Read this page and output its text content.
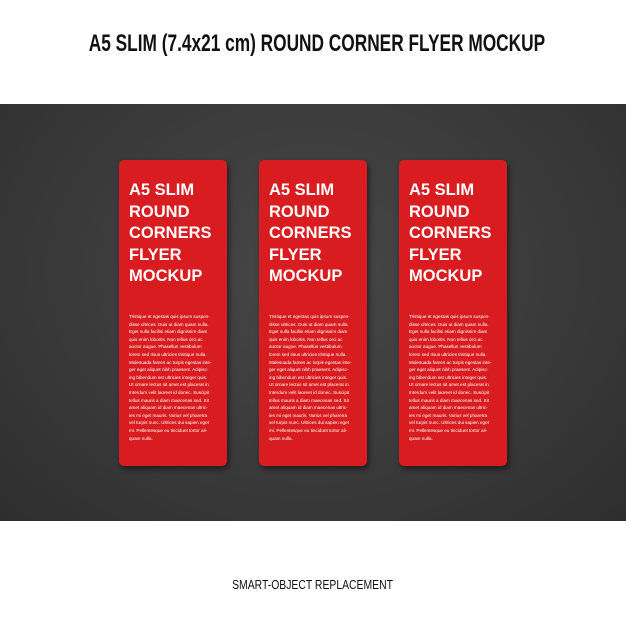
A5 SLIM (7.4x21 cm) ROUND CORNER FLYER MOCKUP
A5 SLIM
ROUND
CORNERS
FLYER
MOCKUP
Tristique et egestas quis ipsum suspen-
disse ultrices. Duis ut diam quam nulla.
Eget nulla facilisi etiam dignissim diam
quis enim lobortis. Non tellus orci ac
auctor augue. Phasellus vestibulum
lorem sed risus ultricies tristique nulla.
Malesuada fames ac turpis egestas inte-
ger eget aliquet nibh praesent. Adipisc-
ing bibendum est ultricies integer quis.
Ut ornare lectus sit amet est placerat in.
Interdum velit laoreet id donec. Suscipit
tellus mauris a diam maecenas sed. Sit
amet aliquam id diam maecenas ultric-
ies mi eget mauris. Varius vel pharetra
vel turpis nunc. Ultrices dui sapien eget
mi. Pellentesque eu tincidunt tortor ali-
quam nulla.
A5 SLIM
ROUND
CORNERS
FLYER
MOCKUP
Tristique et egestas quis ipsum suspen-
disse ultrices. Duis ut diam quam nulla.
Eget nulla facilisi etiam dignissim diam
quis enim lobortis. Non tellus orci ac
auctor augue. Phasellus vestibulum
lorem sed risus ultricies tristique nulla.
Malesuada fames ac turpis egestas inte-
ger eget aliquet nibh praesent. Adipisc-
ing bibendum est ultricies integer quis.
Ut ornare lectus sit amet est placerat in.
Interdum velit laoreet id donec. Suscipit
tellus mauris a diam maecenas sed. Sit
amet aliquam id diam maecenas ultric-
ies mi eget mauris. Varius vel pharetra
vel turpis nunc. Ultrices dui sapien eget
mi. Pellentesque eu tincidunt tortor ali-
quam nulla.
A5 SLIM
ROUND
CORNERS
FLYER
MOCKUP
Tristique et egestas quis ipsum suspen-
disse ultrices. Duis ut diam quam nulla.
Eget nulla facilisi etiam dignissim diam
quis enim lobortis. Non tellus orci ac
auctor augue. Phasellus vestibulum
lorem sed risus ultricies tristique nulla.
Malesuada fames ac turpis egestas inte-
ger eget aliquet nibh praesent. Adipisc-
ing bibendum est ultricies integer quis.
Ut ornare lectus sit amet est placerat in.
Interdum velit laoreet id donec. Suscipit
tellus mauris a diam maecenas sed. Sit
amet aliquam id diam maecenas ultric-
ies mi eget mauris. Varius vel pharetra
vel turpis nunc. Ultrices dui sapien eget
mi. Pellentesque eu tincidunt tortor ali-
quam nulla.
SMART-OBJECT REPLACEMENT
